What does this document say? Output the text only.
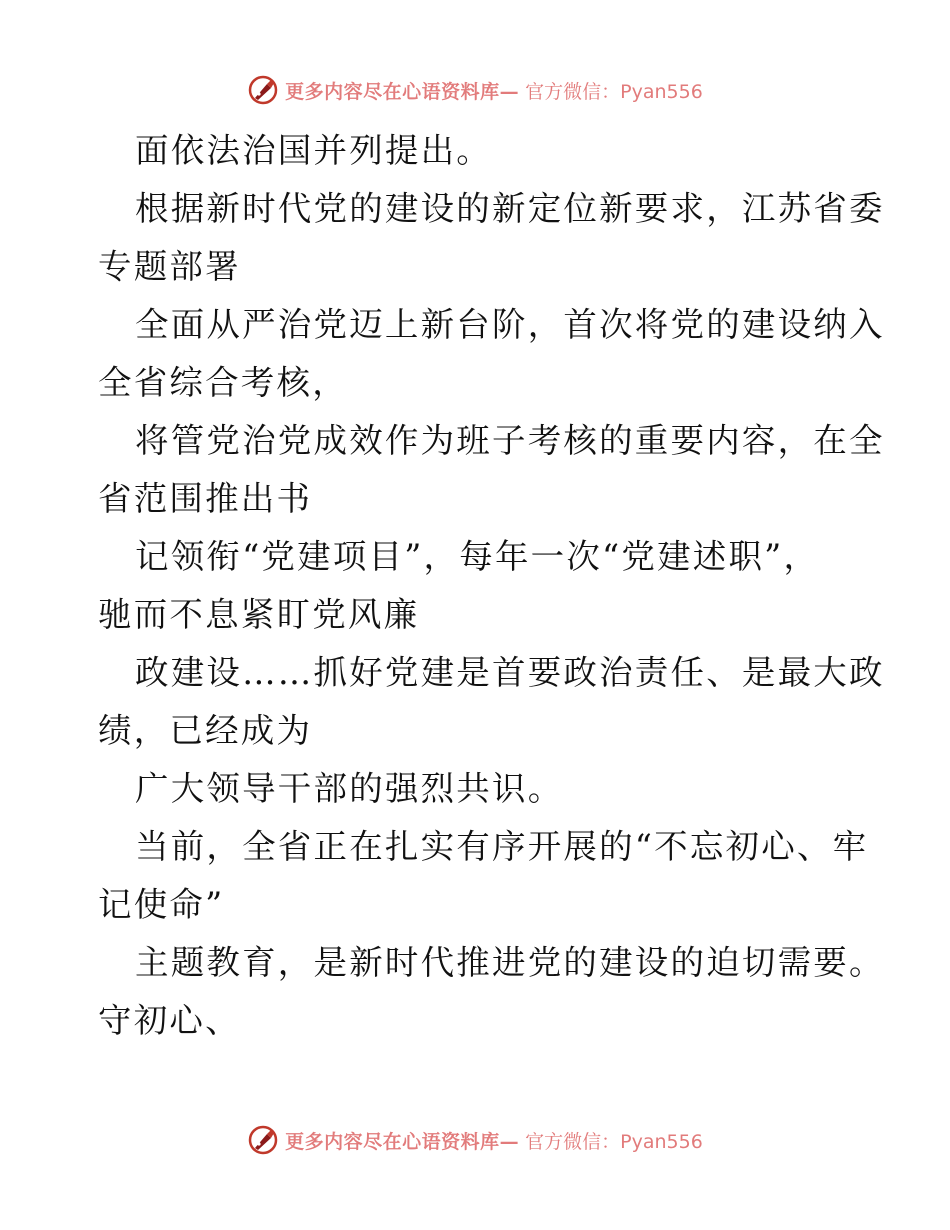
更多内容尽在心语资料库— 官方微信：Pyan556
面依法治国并列提出。
根据新时代党的建设的新定位新要求，江苏省委
专题部署
全面从严治党迈上新台阶，首次将党的建设纳入
全省综合考核，
将管党治党成效作为班子考核的重要内容，在全
省范围推出书
记领衔“党建项目”，每年一次“党建述职”，
驰而不息紧盯党风廉
政建设……抓好党建是首要政治责任、是最大政
绩，已经成为
广大领导干部的强烈共识。
当前，全省正在扎实有序开展的“不忘初心、牢
记使命”
主题教育，是新时代推进党的建设的迫切需要。
守初心、
更多内容尽在心语资料库— 官方微信：Pyan556
